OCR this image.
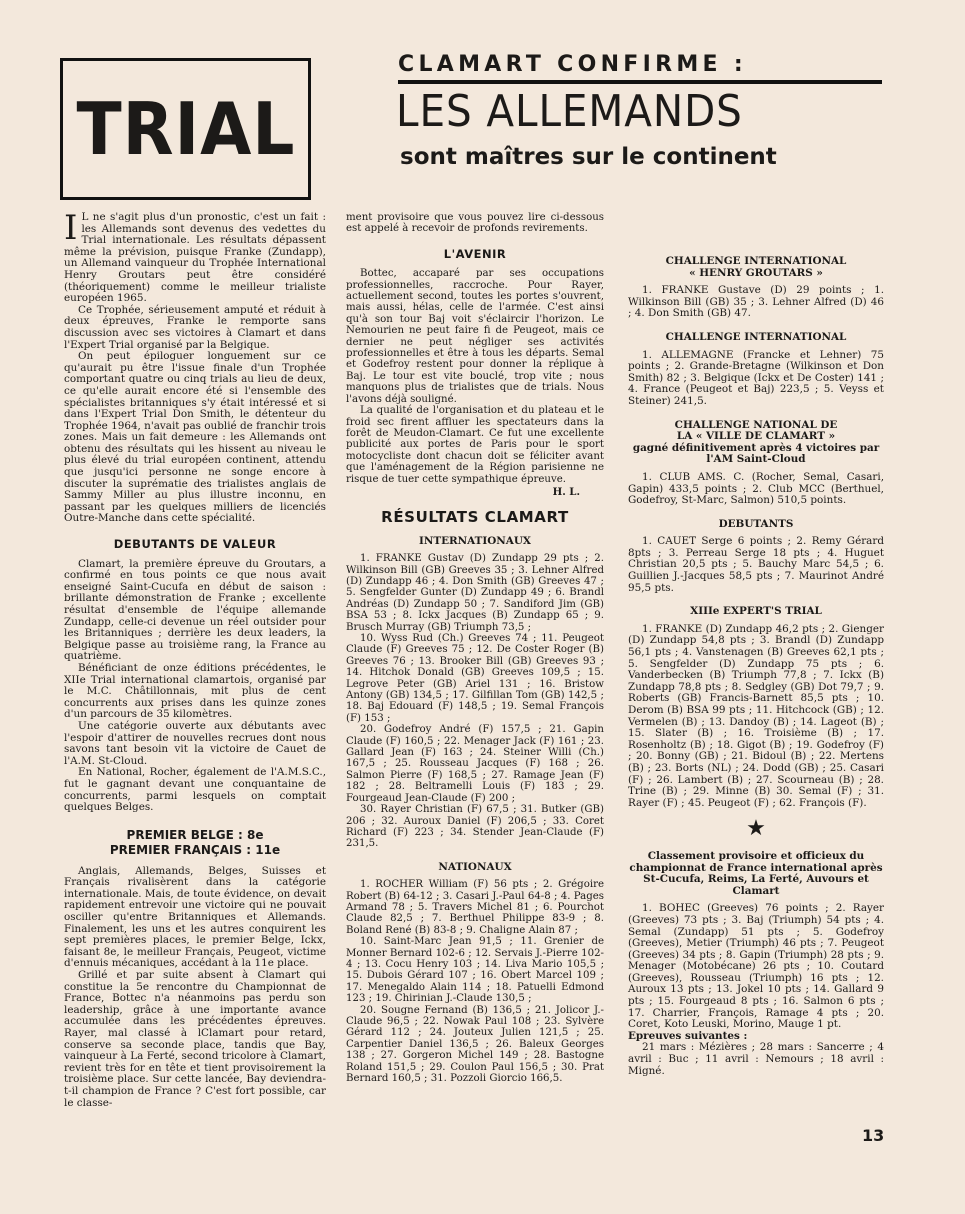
TRIAL
CLAMART CONFIRME :
LES ALLEMANDS
sont maîtres sur le continent

I L ne s'agit plus d'un pronostic, c'est un fait : les Allemands sont devenus des vedettes du Trial internationale. Les résultats dépassent même la prévision, puisque Franke (Zundapp), un Allemand vainqueur du Trophée International Henry Groutars peut être considéré (théoriquement) comme le meilleur trialiste européen 1965.

Ce Trophée, sérieusement amputé et réduit à deux épreuves, Franke le remporte sans discussion avec ses victoires à Clamart et dans l'Expert Trial organisé par la Belgique.

On peut épiloguer longuement sur ce qu'aurait pu être l'issue finale d'un Trophée comportant quatre ou cinq trials au lieu de deux, ce qu'elle aurait encore été si l'ensemble des spécialistes britanniques s'y était intéressé et si dans l'Expert Trial Don Smith, le détenteur du Trophée 1964, n'avait pas oublié de franchir trois zones. Mais un fait demeure : les Allemands ont obtenu des résultats qui les hissent au niveau le plus élevé du trial européen continent, attendu que jusqu'ici personne ne songe encore à discuter la suprématie des trialistes anglais de Sammy Miller au plus illustre inconnu, en passant par les quelques milliers de licenciés Outre-Manche dans cette spécialité.

DEBUTANTS DE VALEUR

Clamart, la première épreuve du Groutars, a confirmé en tous points ce que nous avait enseigné Saint-Cucufa en début de saison : brillante démonstration de Franke ; excellente résultat d'ensemble de l'équipe allemande Zundapp, celle-ci devenue un réel outsider pour les Britanniques ; derrière les deux leaders, la Belgique passe au troisième rang, la France au quatrième.

Bénéficiant de onze éditions précédentes, le XIIe Trial international clamartois, organisé par le M.C. Châtillonnais, mit plus de cent concurrents aux prises dans les quinze zones d'un parcours de 35 kilomètres.

Une catégorie ouverte aux débutants avec l'espoir d'attirer de nouvelles recrues dont nous savons tant besoin vit la victoire de Cauet de l'A.M. St-Cloud.

En National, Rocher, également de l'A.M.S.C., fut le gagnant devant une conquantaine de concurrents, parmi lesquels on comptait quelques Belges.

PREMIER BELGE : 8e
PREMIER FRANÇAIS : 11e

Anglais, Allemands, Belges, Suisses et Français rivalisèrent dans la catégorie internationale. Mais, de toute évidence, on devait rapidement entrevoir une victoire qui ne pouvait osciller qu'entre Britanniques et Allemands. Finalement, les uns et les autres conquirent les sept premières places, le premier Belge, Ickx, faisant 8e, le meilleur Français, Peugeot, victime d'ennuis mécaniques, accédant à la 11e place.

Grillé et par suite absent à Clamart qui constitue la 5e rencontre du Championnat de France, Bottec n'a néanmoins pas perdu son leadership, grâce à une importante avance accumulée dans les précédentes épreuves. Rayer, mal classé à lClamart pour retard, conserve sa seconde place, tandis que Bay, vainqueur à La Ferté, second tricolore à Clamart, revient très for en tête et tient provisoirement la troisième place. Sur cette lancée, Bay deviendra-t-il champion de France ? C'est fort possible, car le classe-

ment provisoire que vous pouvez lire ci-dessous est appelé à recevoir de profonds revirements.

L'AVENIR

Bottec, accaparé par ses occupations professionnelles, raccroche. Pour Rayer, actuellement second, toutes les portes s'ouvrent, mais aussi, hélas, celle de l'armée. C'est ainsi qu'à son tour Baj voit s'éclaircir l'horizon. Le Nemourien ne peut faire fi de Peugeot, mais ce dernier ne peut négliger ses activités professionnelles et être à tous les départs. Semal et Godefroy restent pour donner la réplique à Baj. Le tour est vite bouclé, trop vite ; nous manquons plus de trialistes que de trials. Nous l'avons déjà souligné.

La qualité de l'organisation et du plateau et le froid sec firent affluer les spectateurs dans la forêt de Meudon-Clamart. Ce fut une excellente publicité aux portes de Paris pour le sport motocycliste dont chacun doit se féliciter avant que l'aménagement de la Région parisienne ne risque de tuer cette sympathique épreuve.

H. L.
RÉSULTATS CLAMART
INTERNATIONAUX

1. FRANKE Gustav (D) Zundapp 29 pts ; 2. Wilkinson Bill (GB) Greeves 35 ; 3. Lehner Alfred (D) Zundapp 46 ; 4. Don Smith (GB) Greeves 47 ; 5. Sengfelder Gunter (D) Zundapp 49 ; 6. Brandl Andréas (D) Zundapp 50 ; 7. Sandiford Jim (GB) BSA 53 ; 8. Ickx Jacques (B) Zundapp 65 ; 9. Brusch Murray (GB) Triumph 73,5 ;

10. Wyss Rud (Ch.) Greeves 74 ; 11. Peugeot Claude (F) Greeves 75 ; 12. De Coster Roger (B) Greeves 76 ; 13. Brooker Bill (GB) Greeves 93 ; 14. Hitchok Donald (GB) Greeves 109,5 ; 15. Legrove Peter (GB) Ariel 131 ; 16. Bristow Antony (GB) 134,5 ; 17. Gilfillan Tom (GB) 142,5 ; 18. Baj Edouard (F) 148,5 ; 19. Semal François (F) 153 ;

20. Godefroy André (F) 157,5 ; 21. Gapin Claude (F) 160,5 ; 22. Menager Jack (F) 161 ; 23. Gallard Jean (F) 163 ; 24. Steiner Willi (Ch.) 167,5 ; 25. Rousseau Jacques (F) 168 ; 26. Salmon Pierre (F) 168,5 ; 27. Ramage Jean (F) 182 ; 28. Beltramelli Louis (F) 183 ; 29. Fourgeaud Jean-Claude (F) 200 ;

30. Rayer Christian (F) 67,5 ; 31. Butker (GB) 206 ; 32. Auroux Daniel (F) 206,5 ; 33. Coret Richard (F) 223 ; 34. Stender Jean-Claude (F) 231,5.

NATIONAUX

1. ROCHER William (F) 56 pts ; 2. Grégoire Robert (B) 64-12 ; 3. Casari J.-Paul 64-8 ; 4. Pages Armand 78 ; 5. Travers Michel 81 ; 6. Pourchot Claude 82,5 ; 7. Berthuel Philippe 83-9 ; 8. Boland René (B) 83-8 ; 9. Chaligne Alain 87 ;

10. Saint-Marc Jean 91,5 ; 11. Grenier de Monner Bernard 102-6 ; 12. Servais J.-Pierre 102-4 ; 13. Cocu Henry 103 ; 14. Liva Mario 105,5 ; 15. Dubois Gérard 107 ; 16. Obert Marcel 109 ; 17. Menegaldo Alain 114 ; 18. Patuelli Edmond 123 ; 19. Chirinian J.-Claude 130,5 ;

20. Sougne Fernand (B) 136,5 ; 21. Jolicor J.-Claude 96,5 ; 22. Nowak Paul 108 ; 23. Sylvère Gérard 112 ; 24. Jouteux Julien 121,5 ; 25. Carpentier Daniel 136,5 ; 26. Baleux Georges 138 ; 27. Gorgeron Michel 149 ; 28. Bastogne Roland 151,5 ; 29. Coulon Paul 156,5 ; 30. Prat Bernard 160,5 ; 31. Pozzoli Giorcio 166,5.

CHALLENGE INTERNATIONAL
« HENRY GROUTARS »

1. FRANKE Gustave (D) 29 points ; 1. Wilkinson Bill (GB) 35 ; 3. Lehner Alfred (D) 46 ; 4. Don Smith (GB) 47.

CHALLENGE INTERNATIONAL

1. ALLEMAGNE (Francke et Lehner) 75 points ; 2. Grande-Bretagne (Wilkinson et Don Smith) 82 ; 3. Belgique (Ickx et De Coster) 141 ; 4. France (Peugeot et Baj) 223,5 ; 5. Veyss et Steiner) 241,5.

CHALLENGE NATIONAL DE
LA « VILLE DE CLAMART »
gagné définitivement après 4 victoires par l'AM Saint-Cloud

1. CLUB AMS. C. (Rocher, Semal, Casari, Gapin) 433,5 points ; 2. Club MCC (Berthuel, Godefroy, St-Marc, Salmon) 510,5 points.

DEBUTANTS

1. CAUET Serge 6 points ; 2. Remy Gérard 8pts ; 3. Perreau Serge 18 pts ; 4. Huguet Christian 20,5 pts ; 5. Bauchy Marc 54,5 ; 6. Guillien J.-Jacques 58,5 pts ; 7. Maurinot André 95,5 pts.

XIIIe EXPERT'S TRIAL

1. FRANKE (D) Zundapp 46,2 pts ; 2. Gienger (D) Zundapp 54,8 pts ; 3. Brandl (D) Zundapp 56,1 pts ; 4. Vanstenagen (B) Greeves 62,1 pts ; 5. Sengfelder (D) Zundapp 75 pts ; 6. Vanderbecken (B) Triumph 77,8 ; 7. Ickx (B) Zundapp 78,8 pts ; 8. Sedgley (GB) Dot 79,7 ; 9. Roberts (GB) Francis-Barnett 85,5 pts ; 10. Derom (B) BSA 99 pts ; 11. Hitchcock (GB) ; 12. Vermelen (B) ; 13. Dandoy (B) ; 14. Lageot (B) ; 15. Slater (B) ; 16. Troisième (B) ; 17. Rosenholtz (B) ; 18. Gigot (B) ; 19. Godefroy (F) ; 20. Bonny (GB) ; 21. Bidoul (B) ; 22. Mertens (B) ; 23. Borts (NL) ; 24. Dodd (GB) ; 25. Casari (F) ; 26. Lambert (B) ; 27. Scourneau (B) ; 28. Trine (B) ; 29. Minne (B) 30. Semal (F) ; 31. Rayer (F) ; 45. Peugeot (F) ; 62. François (F).

★
Classement provisoire et officieux du championnat de France international après St-Cucufa, Reims, La Ferté, Auvours et Clamart

1. BOHEC (Greeves) 76 points ; 2. Rayer (Greeves) 73 pts ; 3. Baj (Triumph) 54 pts ; 4. Semal (Zundapp) 51 pts ; 5. Godefroy (Greeves), Metier (Triumph) 46 pts ; 7. Peugeot (Greeves) 34 pts ; 8. Gapin (Triumph) 28 pts ; 9. Menager (Motobécane) 26 pts ; 10. Coutard (Greeves), Rousseau (Triumph) 16 pts ; 12. Auroux 13 pts ; 13. Jokel 10 pts ; 14. Gallard 9 pts ; 15. Fourgeaud 8 pts ; 16. Salmon 6 pts ; 17. Charrier, François, Ramage 4 pts ; 20. Coret, Koto Leuski, Morino, Mauge 1 pt.

Epreuves suivantes :

21 mars : Mézières ; 28 mars : Sancerre ; 4 avril : Buc ; 11 avril : Nemours ; 18 avril : Migné.

13
